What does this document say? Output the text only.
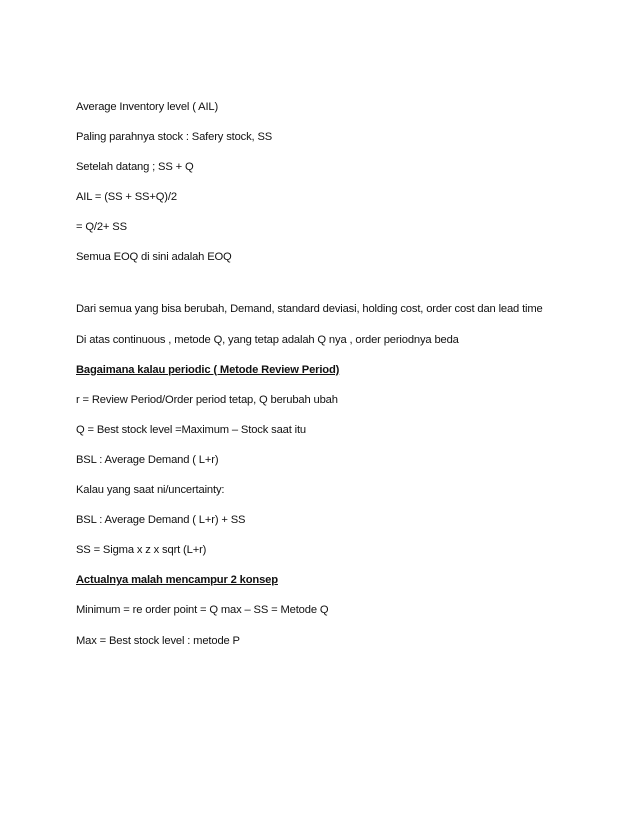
Average Inventory level ( AIL)
Paling parahnya stock : Safery stock, SS
Setelah datang ; SS + Q
AIL = (SS + SS+Q)/2
= Q/2+ SS
Semua EOQ di sini adalah EOQ
Dari semua yang bisa berubah, Demand, standard deviasi, holding cost, order cost dan lead time
Di atas continuous , metode Q, yang tetap adalah Q nya , order periodnya beda
Bagaimana kalau periodic ( Metode Review Period)
r = Review Period/Order period tetap, Q berubah ubah
Q = Best stock level =Maximum – Stock saat itu
BSL : Average Demand ( L+r)
Kalau yang saat ni/uncertainty:
BSL : Average Demand ( L+r) + SS
SS = Sigma x z x sqrt (L+r)
Actualnya malah mencampur 2 konsep
Minimum = re order point = Q max – SS = Metode Q
Max = Best stock level : metode P
